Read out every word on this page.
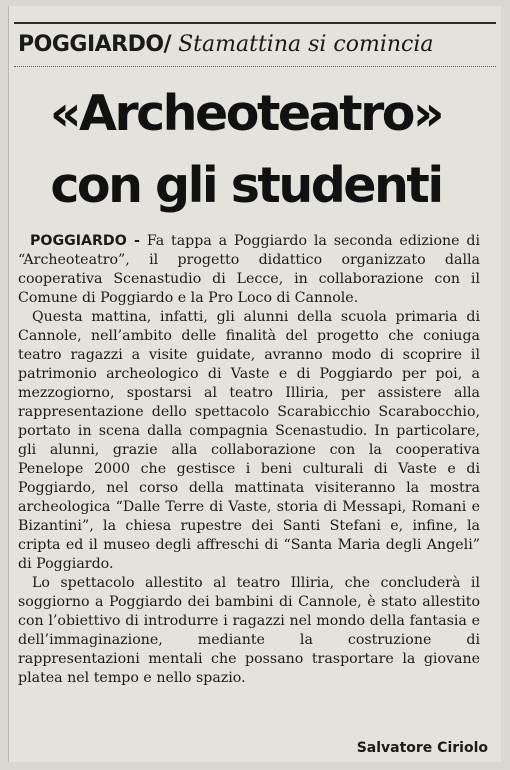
POGGIARDO/ Stamattina si comincia
«Archeoteatro»
con gli studenti

POGGIARDO - Fa tappa a Poggiardo la seconda edizione di “Archeoteatro”, il progetto didattico organizzato dalla cooperativa Scenastudio di Lecce, in collaborazione con il Comune di Poggiardo e la Pro Loco di Cannole.

Questa mattina, infatti, gli alunni della scuola primaria di Cannole, nell’ambito delle finalità del progetto che coniuga teatro ragazzi a visite guidate, avranno modo di scoprire il patrimonio archeologico di Vaste e di Poggiardo per poi, a mezzogiorno, spostarsi al teatro Illiria, per assistere alla rappresentazione dello spettacolo Scarabicchio Scarabocchio, portato in scena dalla compagnia Scenastudio. In particolare, gli alunni, grazie alla collaborazione con la cooperativa Penelope 2000 che gestisce i beni culturali di Vaste e di Poggiardo, nel corso della mattinata visiteranno la mostra archeologica “Dalle Terre di Vaste, storia di Messapi, Romani e Bizantini”, la chiesa rupestre dei Santi Stefani e, infine, la cripta ed il museo degli affreschi di “Santa Maria degli Angeli” di Poggiardo.

Lo spettacolo allestito al teatro Illiria, che concluderà il soggiorno a Poggiardo dei bambini di Cannole, è stato allestito con l’obiettivo di introdurre i ragazzi nel mondo della fantasia e dell’immaginazione, mediante la costruzione di rappresentazioni mentali che possano trasportare la giovane platea nel tempo e nello spazio.

Salvatore Ciriolo
